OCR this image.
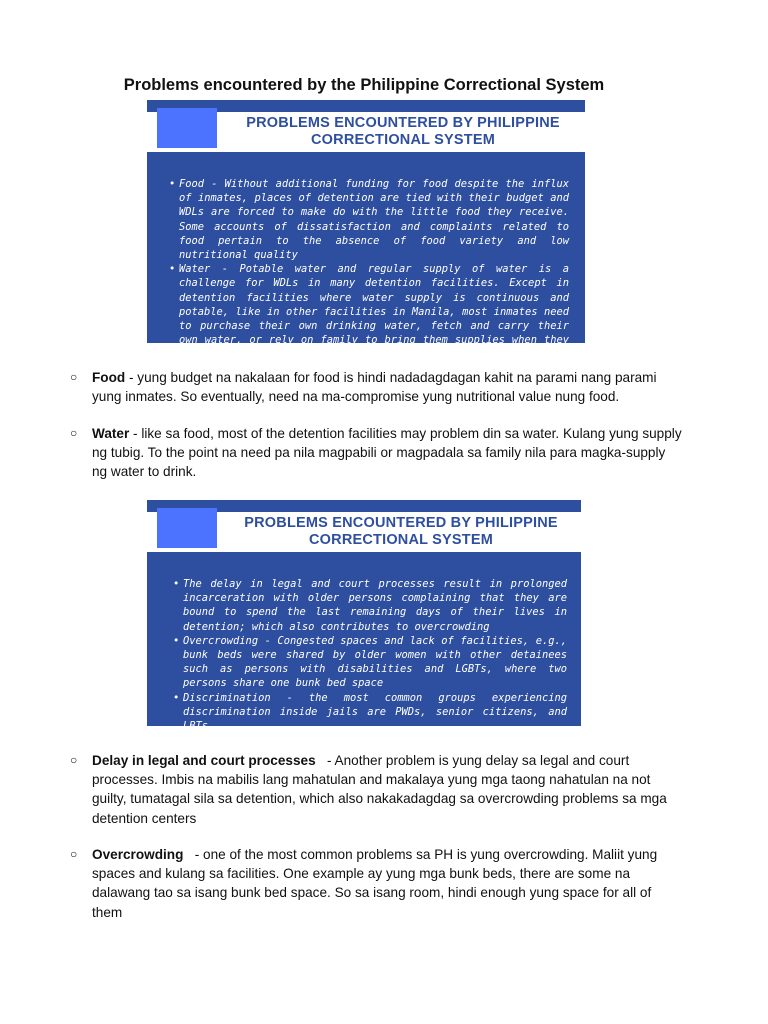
Problems encountered by the Philippine Correctional System
PROBLEMS ENCOUNTERED BY PHILIPPINE
CORRECTIONAL SYSTEM
• Food - Without additional funding for food despite the influx of inmates, places of detention are tied with their budget and WDLs are forced to make do with the little food they receive. Some accounts of dissatisfaction and complaints related to food pertain to the absence of food variety and low nutritional quality
• Water - Potable water and regular supply of water is a challenge for WDLs in many detention facilities. Except in detention facilities where water supply is continuous and potable, like in other facilities in Manila, most inmates need to purchase their own drinking water, fetch and carry their own water, or rely on family to bring them supplies when they visit
○ Food - yung budget na nakalaan for food is hindi nadadagdagan kahit na parami nang parami yung inmates. So eventually, need na ma-compromise yung nutritional value nung food.
○ Water - like sa food, most of the detention facilities may problem din sa water. Kulang yung supply ng tubig. To the point na need pa nila magpabili or magpadala sa family nila para magka-supply ng water to drink.
PROBLEMS ENCOUNTERED BY PHILIPPINE
CORRECTIONAL SYSTEM
• The delay in legal and court processes result in prolonged incarceration with older persons complaining that they are bound to spend the last remaining days of their lives in detention; which also contributes to overcrowding
• Overcrowding - Congested spaces and lack of facilities, e.g., bunk beds were shared by older women with other detainees such as persons with disabilities and LGBTs, where two persons share one bunk bed space
• Discrimination - the most common groups experiencing discrimination inside jails are PWDs, senior citizens, and LBTs
○ Delay in legal and court processes   - Another problem is yung delay sa legal and court processes. Imbis na mabilis lang mahatulan and makalaya yung mga taong nahatulan na not guilty, tumatagal sila sa detention, which also nakakadagdag sa overcrowding problems sa mga detention centers
○ Overcrowding   - one of the most common problems sa PH is yung overcrowding. Maliit yung spaces and kulang sa facilities. One example ay yung mga bunk beds, there are some na dalawang tao sa isang bunk bed space. So sa isang room, hindi enough yung space for all of them
